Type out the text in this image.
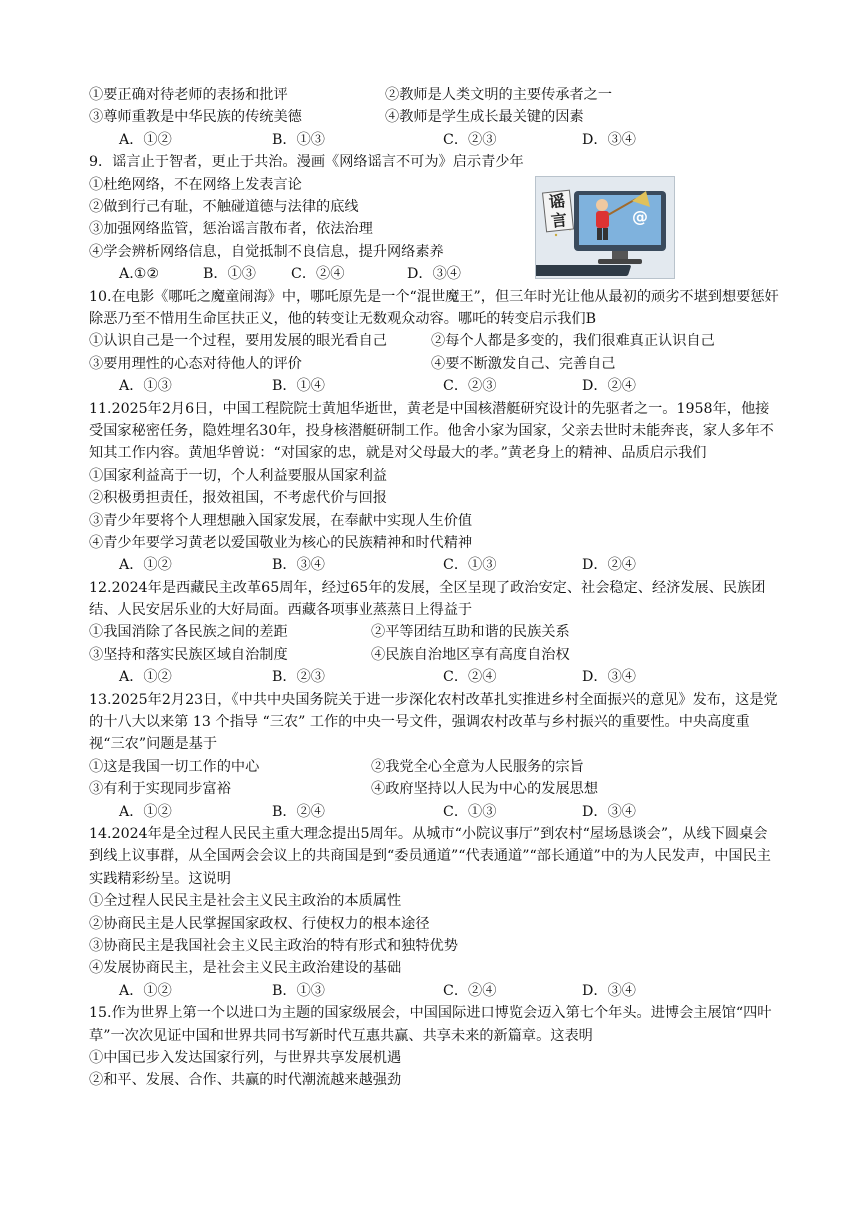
①要正确对待老师的表扬和批评	②教师是人类文明的主要传承者之一
③尊师重教是中华民族的传统美德	④教师是学生成长最关键的因素
A．①②	B．①③	C．②③	D．③④
9．谣言止于智者，更止于共治。漫画《网络谣言不可为》启示青少年
①杜绝网络，不在网络上发表言论
②做到行己有耻，不触碰道德与法律的底线
③加强网络监管，惩治谣言散布者，依法治理
④学会辨析网络信息，自觉抵制不良信息，提升网络素养
A.①②	B．①③ C．②④	D．③④
@
谣言
10.在电影《哪吒之魔童闹海》中，哪吒原先是一个“混世魔王”，但三年时光让他从最初的顽劣不堪到想要惩奸除恶乃至不惜用生命匡扶正义，他的转变让无数观众动容。哪吒的转变启示我们B
①认识自己是一个过程，要用发展的眼光看自己	②每个人都是多变的，我们很难真正认识自己
③要用理性的心态对待他人的评价	④要不断激发自己、完善自己
A．①③	B．①④	C．②③	D．②④
11.2025年2月6日，中国工程院院士黄旭华逝世，黄老是中国核潜艇研究设计的先驱者之一。1958年，他接受国家秘密任务，隐姓埋名30年，投身核潜艇研制工作。他舍小家为国家，父亲去世时未能奔丧，家人多年不知其工作内容。黄旭华曾说：“对国家的忠，就是对父母最大的孝。”黄老身上的精神、品质启示我们
①国家利益高于一切，个人利益要服从国家利益
②积极勇担责任，报效祖国，不考虑代价与回报
③青少年要将个人理想融入国家发展，在奉献中实现人生价值
④青少年要学习黄老以爱国敬业为核心的民族精神和时代精神
A．①②	B．③④	C．①③	D．②④
12.2024年是西藏民主改革65周年，经过65年的发展，全区呈现了政治安定、社会稳定、经济发展、民族团结、人民安居乐业的大好局面。西藏各项事业蒸蒸日上得益于
①我国消除了各民族之间的差距	②平等团结互助和谐的民族关系
③坚持和落实民族区域自治制度	④民族自治地区享有高度自治权
A．①②	B．②③	C．②④	D．③④
13.2025年2月23日，《中共中央国务院关于进一步深化农村改革扎实推进乡村全面振兴的意见》发布，这是党的十八大以来第 13 个指导 “三农” 工作的中央一号文件，强调农村改革与乡村振兴的重要性。中央高度重视“三农”问题是基于
①这是我国一切工作的中心	②我党全心全意为人民服务的宗旨
③有利于实现同步富裕	④政府坚持以人民为中心的发展思想
A．①②	B．②④	C．①③	D．③④
14.2024年是全过程人民民主重大理念提出5周年。从城市“小院议事厅”到农村“屋场恳谈会”，从线下圆桌会到线上议事群，从全国两会会议上的共商国是到“委员通道”“代表通道”“部长通道”中的为人民发声，中国民主实践精彩纷呈。这说明
①全过程人民民主是社会主义民主政治的本质属性
②协商民主是人民掌握国家政权、行使权力的根本途径
③协商民主是我国社会主义民主政治的特有形式和独特优势
④发展协商民主，是社会主义民主政治建设的基础
A．①②	B．①③	C．②④	D．③④
15.作为世界上第一个以进口为主题的国家级展会，中国国际进口博览会迈入第七个年头。进博会主展馆“四叶草”一次次见证中国和世界共同书写新时代互惠共赢、共享未来的新篇章。这表明
①中国已步入发达国家行列，与世界共享发展机遇
②和平、发展、合作、共赢的时代潮流越来越强劲
